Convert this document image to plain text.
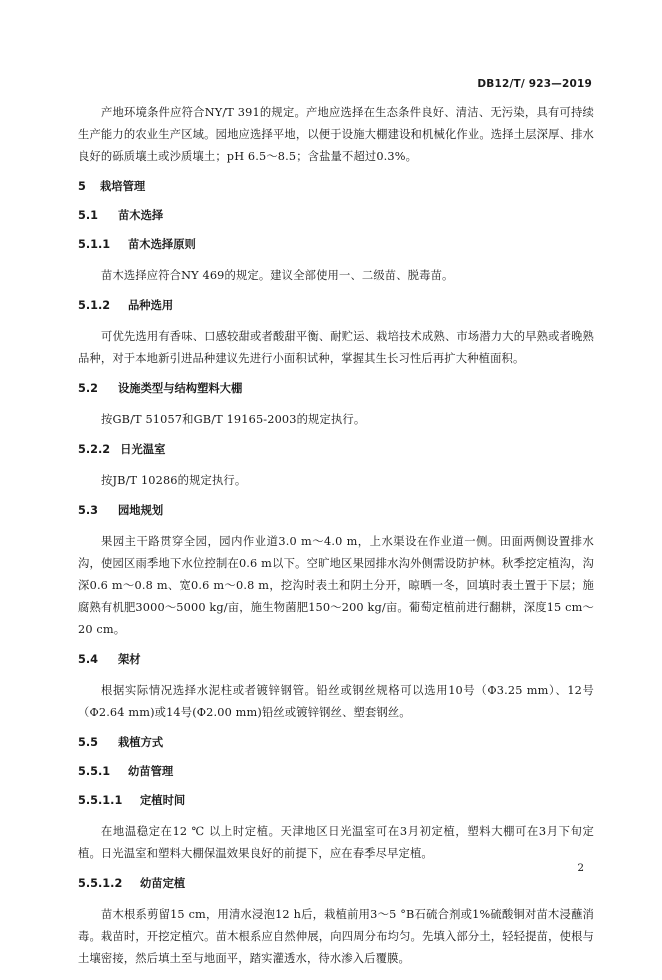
DB12/T/ 923—2019

产地环境条件应符合NY/T 391的规定。产地应选择在生态条件良好、清洁、无污染，具有可持续生产能力的农业生产区域。园地应选择平地，以便于设施大棚建设和机械化作业。选择土层深厚、排水良好的砾质壤土或沙质壤土；pH 6.5～8.5；含盐量不超过0.3%。

5 栽培管理
5.1 苗木选择
5.1.1 苗木选择原则

苗木选择应符合NY 469的规定。建议全部使用一、二级苗、脱毒苗。

5.1.2 品种选用

可优先选用有香味、口感较甜或者酸甜平衡、耐贮运、栽培技术成熟、市场潜力大的早熟或者晚熟品种，对于本地新引进品种建议先进行小面积试种，掌握其生长习性后再扩大种植面积。

5.2 设施类型与结构塑料大棚

按GB/T 51057和GB/T 19165-2003的规定执行。

5.2.2 日光温室

按JB/T 10286的规定执行。

5.3 园地规划

果园主干路贯穿全园，园内作业道3.0 m～4.0 m，上水渠设在作业道一侧。田面两侧设置排水沟，使园区雨季地下水位控制在0.6 m以下。空旷地区果园排水沟外侧需设防护林。秋季挖定植沟，沟深0.6 m～0.8 m、宽0.6 m～0.8 m，挖沟时表土和阴土分开，晾晒一冬，回填时表土置于下层；施腐熟有机肥3000～5000 kg/亩，施生物菌肥150～200 kg/亩。葡萄定植前进行翻耕，深度15 cm～20 cm。

5.4 架材

根据实际情况选择水泥柱或者镀锌钢管。铅丝或钢丝规格可以选用10号（Φ3.25 mm）、12号（Φ2.64 mm)或14号(Φ2.00 mm)铅丝或镀锌钢丝、塑套钢丝。

5.5 栽植方式
5.5.1 幼苗管理
5.5.1.1 定植时间

在地温稳定在12 ℃ 以上时定植。天津地区日光温室可在3月初定植，塑料大棚可在3月下旬定植。日光温室和塑料大棚保温效果良好的前提下，应在春季尽早定植。

5.5.1.2 幼苗定植

苗木根系剪留15 cm，用清水浸泡12 h后，栽植前用3～5 °B石硫合剂或1%硫酸铜对苗木浸蘸消毒。栽苗时，开挖定植穴。苗木根系应自然伸展，向四周分布均匀。先填入部分土，轻轻提苗，使根与土壤密接，然后填土至与地面平，踏实灌透水，待水渗入后覆膜。

2
